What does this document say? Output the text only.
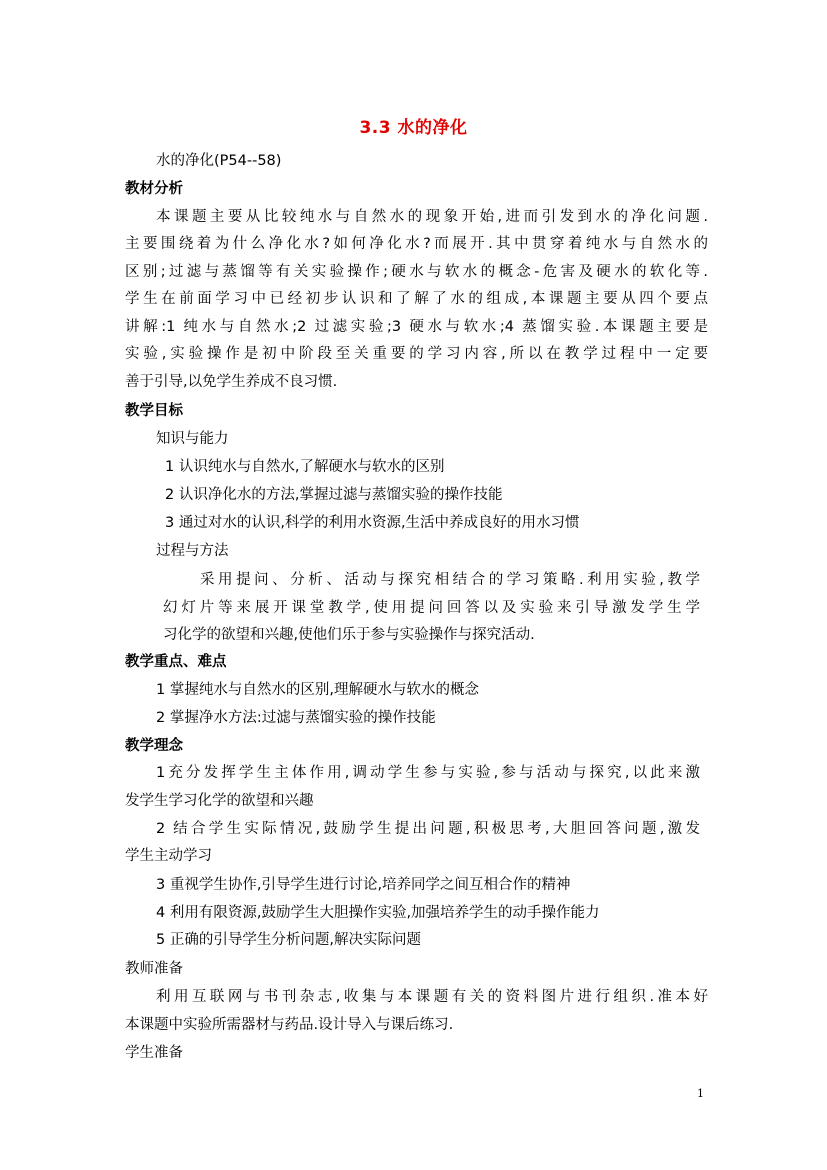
3.3 水的净化
水的净化(P54--58)
教材分析
本课题主要从比较纯水与自然水的现象开始,进而引发到水的净化问题.
主要围绕着为什么净化水?如何净化水?而展开.其中贯穿着纯水与自然水的
区别;过滤与蒸馏等有关实验操作;硬水与软水的概念-危害及硬水的软化等.
学生在前面学习中已经初步认识和了解了水的组成,本课题主要从四个要点
讲解:1 纯水与自然水;2 过滤实验;3 硬水与软水;4 蒸馏实验.本课题主要是
实验,实验操作是初中阶段至关重要的学习内容,所以在教学过程中一定要
善于引导,以免学生养成不良习惯.
教学目标
知识与能力
1 认识纯水与自然水,了解硬水与软水的区别
2 认识净化水的方法,掌握过滤与蒸馏实验的操作技能
3 通过对水的认识,科学的利用水资源,生活中养成良好的用水习惯
过程与方法
采用提问、分析、活动与探究相结合的学习策略.利用实验,教学
幻灯片等来展开课堂教学,使用提问回答以及实验来引导激发学生学
习化学的欲望和兴趣,使他们乐于参与实验操作与探究活动.
教学重点、难点
1 掌握纯水与自然水的区别,理解硬水与软水的概念
2 掌握净水方法:过滤与蒸馏实验的操作技能
教学理念
1充分发挥学生主体作用,调动学生参与实验,参与活动与探究,以此来激
发学生学习化学的欲望和兴趣
2 结合学生实际情况,鼓励学生提出问题,积极思考,大胆回答问题,激发
学生主动学习
3 重视学生协作,引导学生进行讨论,培养同学之间互相合作的精神
4 利用有限资源,鼓励学生大胆操作实验,加强培养学生的动手操作能力
5 正确的引导学生分析问题,解决实际问题
教师准备
利用互联网与书刊杂志,收集与本课题有关的资料图片进行组织.准本好
本课题中实验所需器材与药品.设计导入与课后练习.
学生准备
1
